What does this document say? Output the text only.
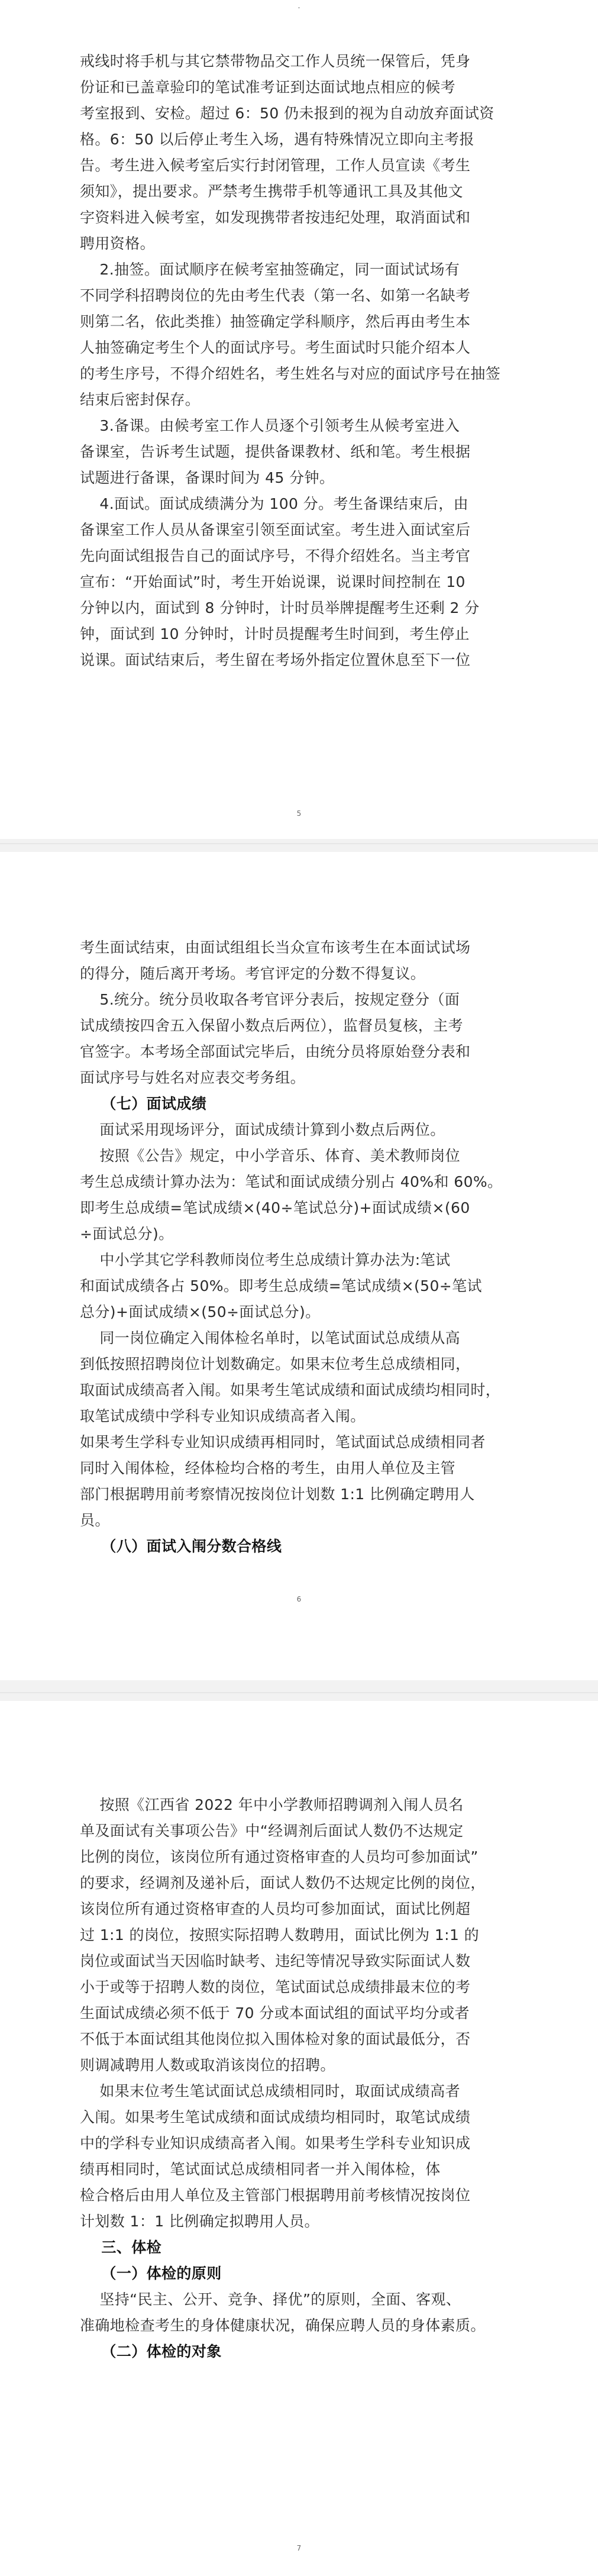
·
戒线时将手机与其它禁带物品交工作人员统一保管后，凭身
份证和已盖章验印的笔试准考证到达面试地点相应的候考
考室报到、安检。超过 6：50 仍未报到的视为自动放弃面试资
格。6：50 以后停止考生入场，遇有特殊情况立即向主考报
告。考生进入候考室后实行封闭管理，工作人员宣读《考生
须知》，提出要求。严禁考生携带手机等通讯工具及其他文
字资料进入候考室，如发现携带者按违纪处理，取消面试和
聘用资格。
2.抽签。面试顺序在候考室抽签确定，同一面试试场有
不同学科招聘岗位的先由考生代表（第一名、如第一名缺考
则第二名，依此类推）抽签确定学科顺序，然后再由考生本
人抽签确定考生个人的面试序号。考生面试时只能介绍本人
的考生序号，不得介绍姓名，考生姓名与对应的面试序号在抽签
结束后密封保存。
3.备课。由候考室工作人员逐个引领考生从候考室进入
备课室，告诉考生试题，提供备课教材、纸和笔。考生根据
试题进行备课，备课时间为 45 分钟。
4.面试。面试成绩满分为 100 分。考生备课结束后，由
备课室工作人员从备课室引领至面试室。考生进入面试室后
先向面试组报告自己的面试序号，不得介绍姓名。当主考官
宣布：“开始面试”时，考生开始说课，说课时间控制在 10
分钟以内，面试到 8 分钟时，计时员举牌提醒考生还剩 2 分
钟，面试到 10 分钟时，计时员提醒考生时间到，考生停止
说课。面试结束后，考生留在考场外指定位置休息至下一位
5
考生面试结束，由面试组组长当众宣布该考生在本面试试场
的得分，随后离开考场。考官评定的分数不得复议。
5.统分。统分员收取各考官评分表后，按规定登分（面
试成绩按四舍五入保留小数点后两位），监督员复核，主考
官签字。本考场全部面试完毕后，由统分员将原始登分表和
面试序号与姓名对应表交考务组。
（七）面试成绩
面试采用现场评分，面试成绩计算到小数点后两位。
按照《公告》规定，中小学音乐、体育、美术教师岗位
考生总成绩计算办法为：笔试和面试成绩分别占 40%和 60%。
即考生总成绩=笔试成绩×(40÷笔试总分)+面试成绩×(60
÷面试总分)。
中小学其它学科教师岗位考生总成绩计算办法为:笔试
和面试成绩各占 50%。即考生总成绩=笔试成绩×(50÷笔试
总分)+面试成绩×(50÷面试总分)。
同一岗位确定入闱体检名单时，以笔试面试总成绩从高
到低按照招聘岗位计划数确定。如果末位考生总成绩相同，
取面试成绩高者入闱。如果考生笔试成绩和面试成绩均相同时，
取笔试成绩中学科专业知识成绩高者入闱。
如果考生学科专业知识成绩再相同时，笔试面试总成绩相同者
同时入闱体检，经体检均合格的考生，由用人单位及主管
部门根据聘用前考察情况按岗位计划数 1:1 比例确定聘用人
员。
（八）面试入闱分数合格线
6
按照《江西省 2022 年中小学教师招聘调剂入闱人员名
单及面试有关事项公告》中“经调剂后面试人数仍不达规定
比例的岗位，该岗位所有通过资格审查的人员均可参加面试”
的要求，经调剂及递补后，面试人数仍不达规定比例的岗位，
该岗位所有通过资格审查的人员均可参加面试，面试比例超
过 1:1 的岗位，按照实际招聘人数聘用，面试比例为 1:1 的
岗位或面试当天因临时缺考、违纪等情况导致实际面试人数
小于或等于招聘人数的岗位，笔试面试总成绩排最末位的考
生面试成绩必须不低于 70 分或本面试组的面试平均分或者
不低于本面试组其他岗位拟入围体检对象的面试最低分，否
则调减聘用人数或取消该岗位的招聘。
如果末位考生笔试面试总成绩相同时，取面试成绩高者
入闱。如果考生笔试成绩和面试成绩均相同时，取笔试成绩
中的学科专业知识成绩高者入闱。如果考生学科专业知识成
绩再相同时，笔试面试总成绩相同者一并入闱体检，体
检合格后由用人单位及主管部门根据聘用前考核情况按岗位
计划数 1：1 比例确定拟聘用人员。
三、体检
（一）体检的原则
坚持“民主、公开、竞争、择优”的原则，全面、客观、
准确地检查考生的身体健康状况，确保应聘人员的身体素质。
（二）体检的对象
7
